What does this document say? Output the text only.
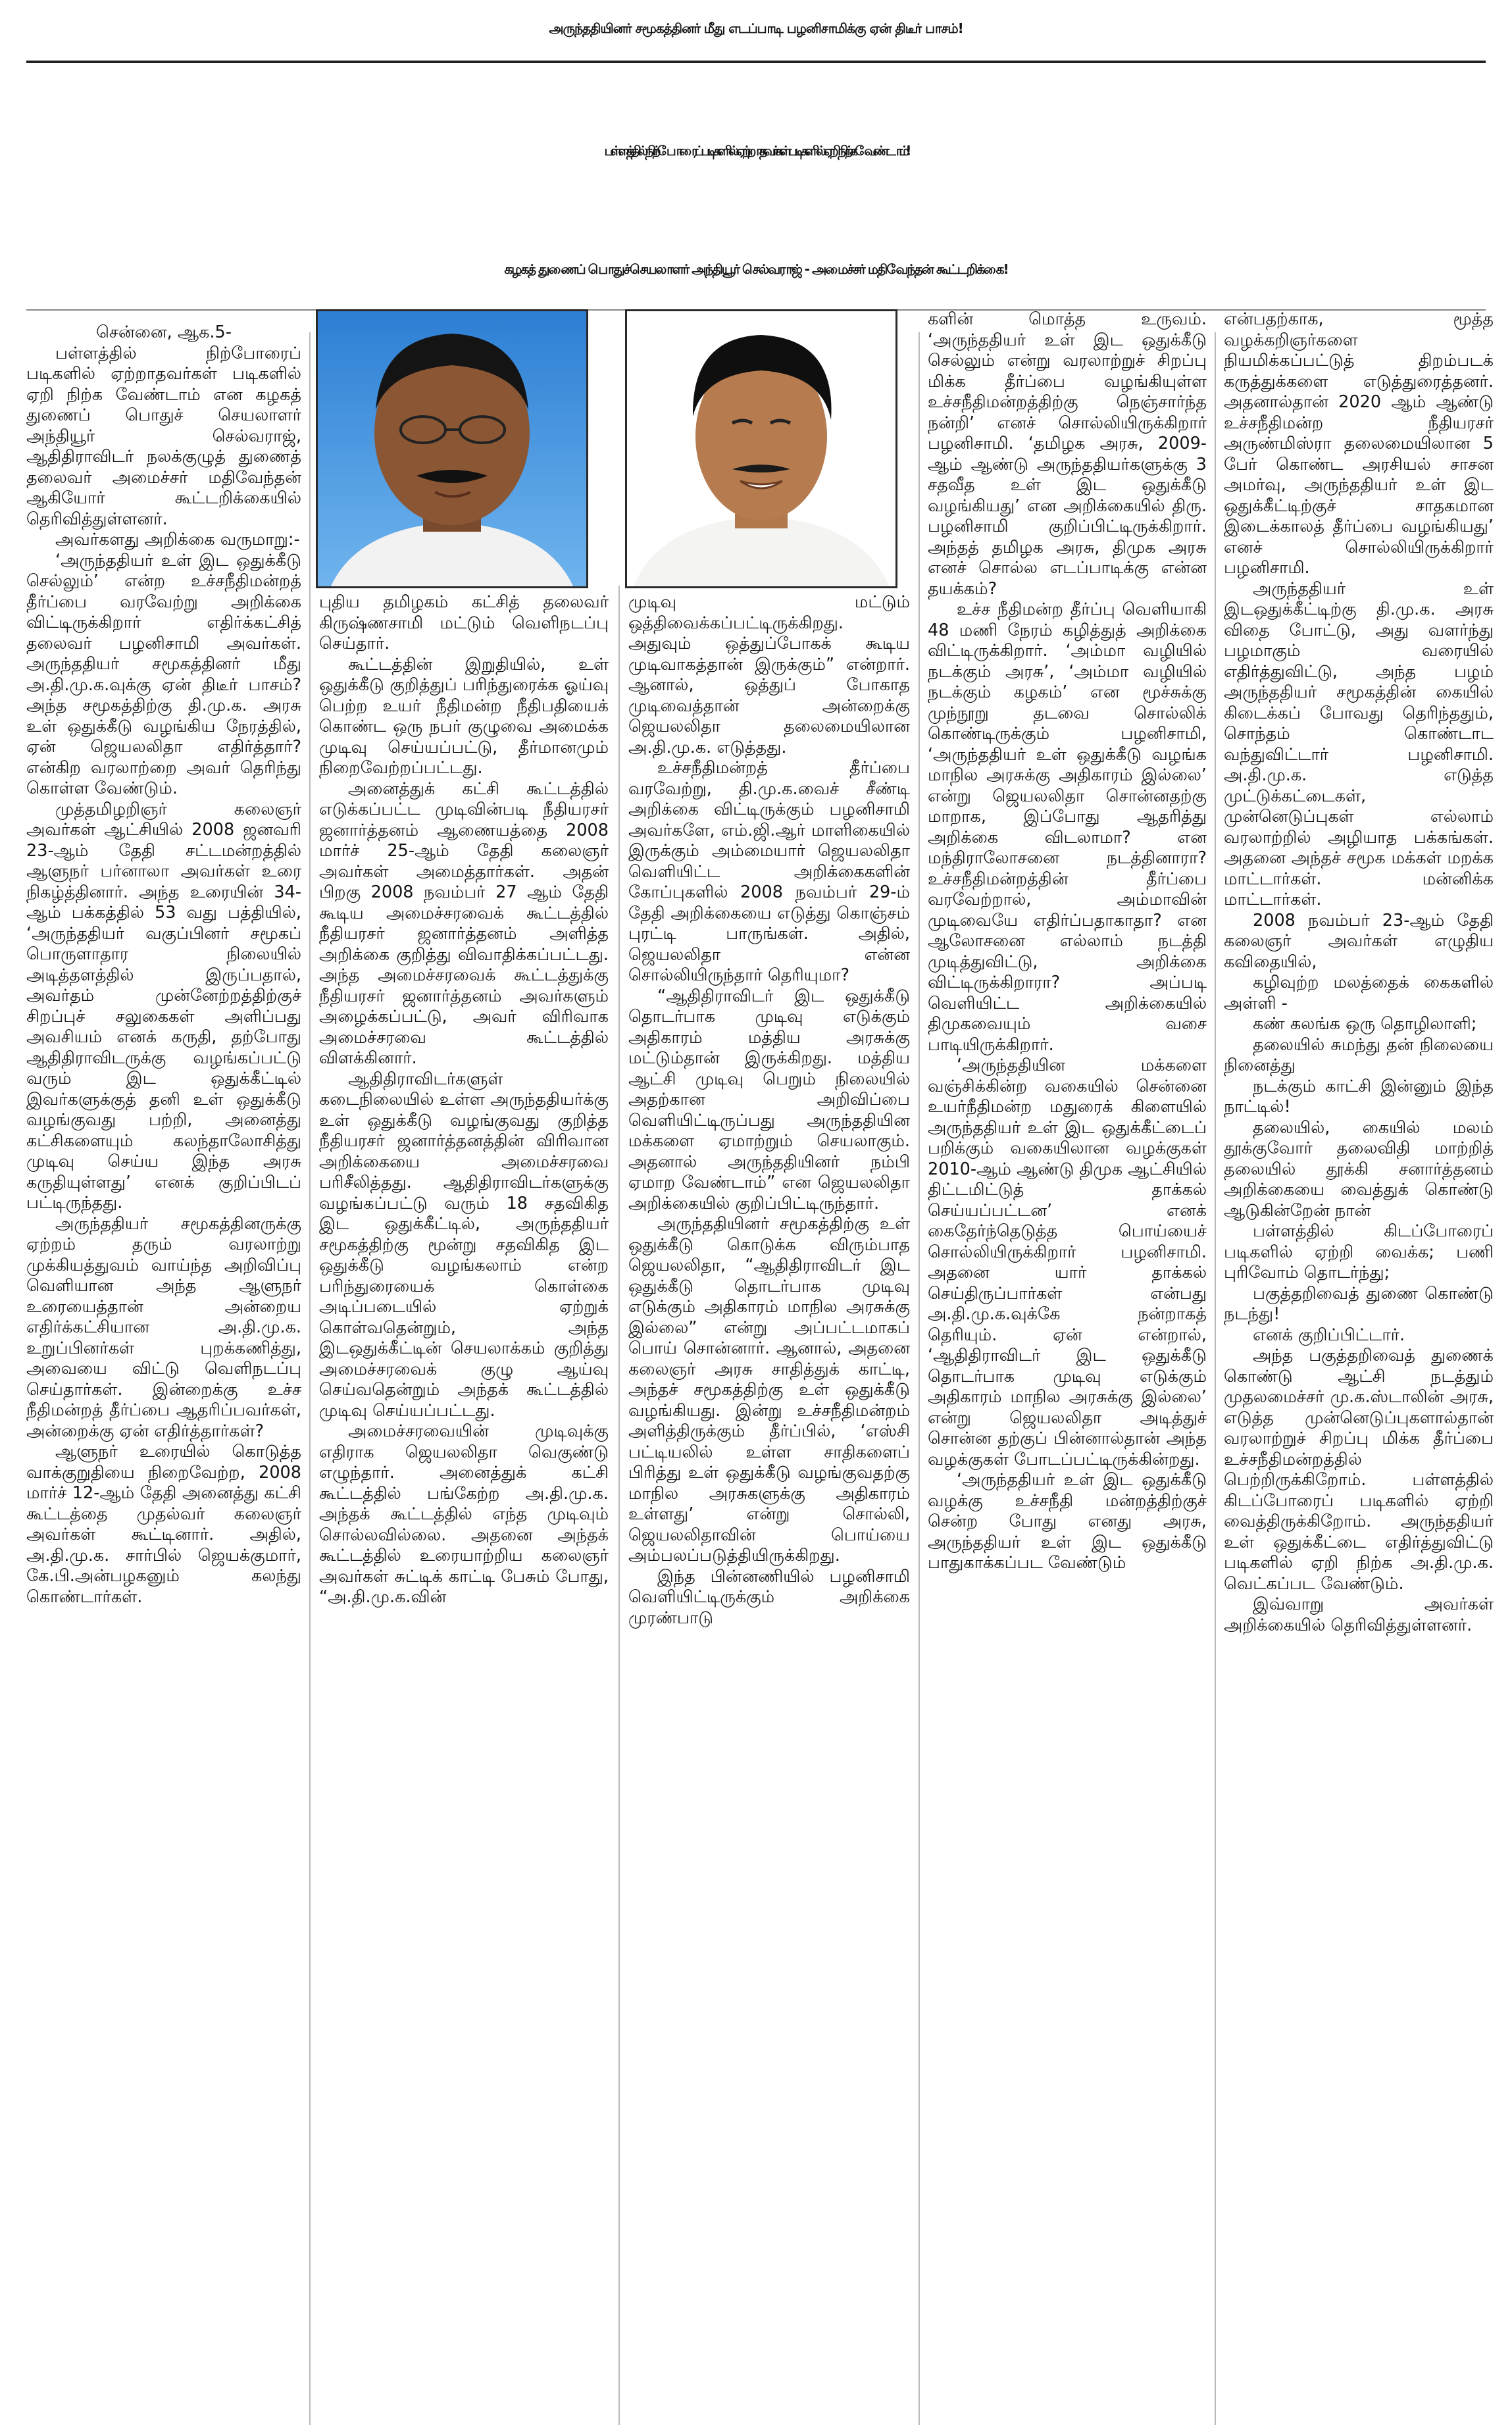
அருந்ததியினர் சமூகத்தினர் மீது எடப்பாடி பழனிசாமிக்கு ஏன் திடீர் பாசம்!
பள்ளத்தில் நிற்போரைப் படிகளில் ஏற்றாதவர்கள் படிகளில் ஏறி நிற்க வேண்டாம்!
கழகத் துணைப் பொதுச்செயலாளர் அந்தியூர் செல்வராஜ் - அமைச்சர் மதிவேந்தன் கூட்டறிக்கை!

சென்னை, ஆக.5-

பள்ளத்தில் நிற்போரைப் படிகளில் ஏற்றாதவர்கள் படிகளில் ஏறி நிற்க வேண்டாம் என கழகத் துணைப் பொதுச் செயலாளர் அந்தியூர் செல்வராஜ், ஆதிதிராவிடர் நலக்குழுத் துணைத் தலைவர் அமைச்சர் மதிவேந்தன் ஆகியோர் கூட்டறிக்கையில் தெரிவித்துள்ளனர்.

அவர்களது அறிக்கை வருமாறு:-

‘அருந்ததியர் உள் இட ஒதுக்கீடு செல்லும்’ என்ற உச்சநீதிமன்றத் தீர்ப்பை வரவேற்று அறிக்கை விட்டிருக்கிறார் எதிர்க்கட்சித் தலைவர் பழனிசாமி அவர்கள். அருந்ததியர் சமூகத்தினர் மீது அ.தி.மு.க.வுக்கு ஏன் திடீர் பாசம்? அந்த சமூகத்திற்கு தி.மு.க. அரசு உள் ஒதுக்கீடு வழங்கிய நேரத்தில், ஏன் ஜெயலலிதா எதிர்த்தார்? என்கிற வரலாற்றை அவர் தெரிந்து கொள்ள வேண்டும்.

முத்தமிழறிஞர் கலைஞர் அவர்கள் ஆட்சியில் 2008 ஜனவரி 23-ஆம் தேதி சட்டமன்றத்தில் ஆளுநர் பர்னாலா அவர்கள் உரை நிகழ்த்தினார். அந்த உரையின் 34-ஆம் பக்கத்தில் 53 வது பத்தியில், ‘அருந்ததியர் வகுப்பினர் சமூகப் பொருளாதார நிலையில் அடித்தளத்தில் இருப்பதால், அவர்தம் முன்னேற்றத்திற்குச் சிறப்புச் சலுகைகள் அளிப்பது அவசியம் எனக் கருதி, தற்போது ஆதிதிராவிடருக்கு வழங்கப்பட்டு வரும் இட ஒதுக்கீட்டில் இவர்களுக்குத் தனி உள் ஒதுக்கீடு வழங்குவது பற்றி, அனைத்து கட்சிகளையும் கலந்தாலோசித்து முடிவு செய்ய இந்த அரசு கருதியுள்ளது’ எனக் குறிப்பிடப் பட்டிருந்தது.

அருந்ததியர் சமூகத்தினருக்கு ஏற்றம் தரும் வரலாற்று முக்கியத்துவம் வாய்ந்த அறிவிப்பு வெளியான அந்த ஆளுநர் உரையைத்தான் அன்றைய எதிர்க்கட்சியான அ.தி.மு.க. உறுப்பினர்கள் புறக்கணித்து, அவையை விட்டு வெளிநடப்பு செய்தார்கள். இன்றைக்கு உச்ச நீதிமன்றத் தீர்ப்பை ஆதரிப்பவர்கள், அன்றைக்கு ஏன் எதிர்த்தார்கள்?

ஆளுநர் உரையில் கொடுத்த வாக்குறுதியை நிறைவேற்ற, 2008 மார்ச் 12-ஆம் தேதி அனைத்து கட்சி கூட்டத்தை முதல்வர் கலைஞர் அவர்கள் கூட்டினார். அதில், அ.தி.மு.க. சார்பில் ஜெயக்குமார், கே.பி.அன்பழகனும் கலந்து கொண்டார்கள்.

புதிய தமிழகம் கட்சித் தலைவர் கிருஷ்ணசாமி மட்டும் வெளிநடப்பு செய்தார்.

கூட்டத்தின் இறுதியில், உள் ஒதுக்கீடு குறித்துப் பரிந்துரைக்க ஓய்வு பெற்ற உயர் நீதிமன்ற நீதிபதியைக் கொண்ட ஒரு நபர் குழுவை அமைக்க முடிவு செய்யப்பட்டு, தீர்மானமும் நிறைவேற்றப்பட்டது.

அனைத்துக் கட்சி கூட்டத்தில் எடுக்கப்பட்ட முடிவின்படி நீதியரசர் ஜனார்த்தனம் ஆணையத்தை 2008 மார்ச் 25-ஆம் தேதி கலைஞர் அவர்கள் அமைத்தார்கள். அதன் பிறகு 2008 நவம்பர் 27 ஆம் தேதி கூடிய அமைச்சரவைக் கூட்டத்தில் நீதியரசர் ஜனார்த்தனம் அளித்த அறிக்கை குறித்து விவாதிக்கப்பட்டது. அந்த அமைச்சரவைக் கூட்டத்துக்கு நீதியரசர் ஜனார்த்தனம் அவர்களும் அழைக்கப்பட்டு, அவர் விரிவாக அமைச்சரவை கூட்டத்தில் விளக்கினார்.

ஆதிதிராவிடர்களுள் கடைநிலையில் உள்ள அருந்ததியர்க்கு உள் ஒதுக்கீடு வழங்குவது குறித்த நீதியரசர் ஜனார்த்தனத்தின் விரிவான அறிக்கையை அமைச்சரவை பரிசீலித்தது. ஆதிதிராவிடர்களுக்கு வழங்கப்பட்டு வரும் 18 சதவிகித இட ஒதுக்கீட்டில், அருந்ததியர் சமூகத்திற்கு மூன்று சதவிகித இட ஒதுக்கீடு வழங்கலாம் என்ற பரிந்துரையைக் கொள்கை அடிப்படையில் ஏற்றுக் கொள்வதென்றும், அந்த இடஒதுக்கீட்டின் செயலாக்கம் குறித்து அமைச்சரவைக் குழு ஆய்வு செய்வதென்றும் அந்தக் கூட்டத்தில் முடிவு செய்யப்பட்டது.

அமைச்சரவையின் முடிவுக்கு எதிராக ஜெயலலிதா வெகுண்டு எழுந்தார். அனைத்துக் கட்சி கூட்டத்தில் பங்கேற்ற அ.தி.மு.க. அந்தக் கூட்டத்தில் எந்த முடிவும் சொல்லவில்லை. அதனை அந்தக் கூட்டத்தில் உரையாற்றிய கலைஞர் அவர்கள் சுட்டிக் காட்டி பேசும் போது, “அ.தி.மு.க.வின்

முடிவு மட்டும் ஒத்திவைக்கப்பட்டிருக்கிறது. அதுவும் ஒத்துப்போகக் கூடிய முடிவாகத்தான் இருக்கும்” என்றார். ஆனால், ஒத்துப் போகாத முடிவைத்தான் அன்றைக்கு ஜெயலலிதா தலைமையிலான அ.தி.மு.க. எடுத்தது.

உச்சநீதிமன்றத் தீர்ப்பை வரவேற்று, தி.மு.க.வைச் சீண்டி அறிக்கை விட்டிருக்கும் பழனிசாமி அவர்களே, எம்.ஜி.ஆர் மாளிகையில் இருக்கும் அம்மையார் ஜெயலலிதா வெளியிட்ட அறிக்கைகளின் கோப்புகளில் 2008 நவம்பர் 29-ம் தேதி அறிக்கையை எடுத்து கொஞ்சம் புரட்டி பாருங்கள். அதில், ஜெயலலிதா என்ன சொல்லியிருந்தார் தெரியுமா?

“ஆதிதிராவிடர் இட ஒதுக்கீடு தொடர்பாக முடிவு எடுக்கும் அதிகாரம் மத்திய அரசுக்கு மட்டும்தான் இருக்கிறது. மத்திய ஆட்சி முடிவு பெறும் நிலையில் அதற்கான அறிவிப்பை வெளியிட்டிருப்பது அருந்ததியின மக்களை ஏமாற்றும் செயலாகும். அதனால் அருந்ததியினர் நம்பி ஏமாற வேண்டாம்” என ஜெயலலிதா அறிக்கையில் குறிப்பிட்டிருந்தார்.

அருந்ததியினர் சமூகத்திற்கு உள் ஒதுக்கீடு கொடுக்க விரும்பாத ஜெயலலிதா, “ஆதிதிராவிடர் இட ஒதுக்கீடு தொடர்பாக முடிவு எடுக்கும் அதிகாரம் மாநில அரசுக்கு இல்லை” என்று அப்பட்டமாகப் பொய் சொன்னார். ஆனால், அதனை கலைஞர் அரசு சாதித்துக் காட்டி, அந்தச் சமூகத்திற்கு உள் ஒதுக்கீடு வழங்கியது. இன்று உச்சநீதிமன்றம் அளித்திருக்கும் தீர்ப்பில், ‘எஸ்சி பட்டியலில் உள்ள சாதிகளைப் பிரித்து உள் ஒதுக்கீடு வழங்குவதற்கு மாநில அரசுகளுக்கு அதிகாரம் உள்ளது’ என்று சொல்லி, ஜெயலலிதாவின் பொய்யை அம்பலப்படுத்தியிருக்கிறது.

இந்த பின்னணியில் பழனிசாமி வெளியிட்டிருக்கும் அறிக்கை முரண்பாடு

களின் மொத்த உருவம். ‘அருந்ததியர் உள் இட ஒதுக்கீடு செல்லும் என்று வரலாற்றுச் சிறப்பு மிக்க தீர்ப்பை வழங்கியுள்ள உச்சநீதிமன்றத்திற்கு நெஞ்சார்ந்த நன்றி’ எனச் சொல்லியிருக்கிறார் பழனிசாமி. ‘தமிழக அரசு, 2009-ஆம் ஆண்டு அருந்ததியர்களுக்கு 3 சதவீத உள் இட ஒதுக்கீடு வழங்கியது’ என அறிக்கையில் திரு. பழனிசாமி குறிப்பிட்டிருக்கிறார். அந்தத் தமிழக அரசு, திமுக அரசு எனச் சொல்ல எடப்பாடிக்கு என்ன தயக்கம்?

உச்ச நீதிமன்ற தீர்ப்பு வெளியாகி 48 மணி நேரம் கழித்துத் அறிக்கை விட்டிருக்கிறார். ‘அம்மா வழியில் நடக்கும் அரசு’, ‘அம்மா வழியில் நடக்கும் கழகம்’ என மூச்சுக்கு முந்நூறு தடவை சொல்லிக் கொண்டிருக்கும் பழனிசாமி, ‘அருந்ததியர் உள் ஒதுக்கீடு வழங்க மாநில அரசுக்கு அதிகாரம் இல்லை’ என்று ஜெயலலிதா சொன்னதற்கு மாறாக, இப்போது ஆதரித்து அறிக்கை விடலாமா? என மந்திராலோசனை நடத்தினாரா? உச்சநீதிமன்றத்தின் தீர்ப்பை வரவேற்றால், அம்மாவின் முடிவையே எதிர்ப்பதாகாதா? என ஆலோசனை எல்லாம் நடத்தி முடித்துவிட்டு, அறிக்கை விட்டிருக்கிறாரா? அப்படி வெளியிட்ட அறிக்கையில் திமுகவையும் வசை பாடியிருக்கிறார்.

‘அருந்ததியின மக்களை வஞ்சிக்கின்ற வகையில் சென்னை உயர்நீதிமன்ற மதுரைக் கிளையில் அருந்ததியர் உள் இட ஒதுக்கீட்டைப் பறிக்கும் வகையிலான வழக்குகள் 2010-ஆம் ஆண்டு திமுக ஆட்சியில் திட்டமிட்டுத் தாக்கல் செய்யப்பட்டன’ எனக் கைதேர்ந்தெடுத்த பொய்யைச் சொல்லியிருக்கிறார் பழனிசாமி. அதனை யார் தாக்கல் செய்திருப்பார்கள் என்பது அ.தி.மு.க.வுக்கே நன்றாகத் தெரியும். ஏன் என்றால், ‘ஆதிதிராவிடர் இட ஒதுக்கீடு தொடர்பாக முடிவு எடுக்கும் அதிகாரம் மாநில அரசுக்கு இல்லை’ என்று ஜெயலலிதா அடித்துச் சொன்ன தற்குப் பின்னால்தான் அந்த வழக்குகள் போடப்பட்டிருக்கின்றது.

‘அருந்ததியர் உள் இட ஒதுக்கீடு வழக்கு உச்சநீதி மன்றத்திற்குச் சென்ற போது எனது அரசு, அருந்ததியர் உள் இட ஒதுக்கீடு பாதுகாக்கப்பட வேண்டும்

என்பதற்காக, மூத்த வழக்கறிஞர்களை நியமிக்கப்பட்டுத் திறம்படக் கருத்துக்களை எடுத்துரைத்தனர். அதனால்தான் 2020 ஆம் ஆண்டு உச்சநீதிமன்ற நீதியரசர் அருண்மிஸ்ரா தலைமையிலான 5 பேர் கொண்ட அரசியல் சாசன அமர்வு, அருந்ததியர் உள் இட ஒதுக்கீட்டிற்குச் சாதகமான இடைக்காலத் தீர்ப்பை வழங்கியது’ எனச் சொல்லியிருக்கிறார் பழனிசாமி.

அருந்ததியர் உள் இடஒதுக்கீட்டிற்கு தி.மு.க. அரசு விதை போட்டு, அது வளர்ந்து பழமாகும் வரையில் எதிர்த்துவிட்டு, அந்த பழம் அருந்ததியர் சமூகத்தின் கையில் கிடைக்கப் போவது தெரிந்ததும், சொந்தம் கொண்டாட வந்துவிட்டார் பழனிசாமி. அ.தி.மு.க. எடுத்த முட்டுக்கட்டைகள், முன்னெடுப்புகள் எல்லாம் வரலாற்றில் அழியாத பக்கங்கள். அதனை அந்தச் சமூக மக்கள் மறக்க மாட்டார்கள். மன்னிக்க மாட்டார்கள்.

2008 நவம்பர் 23-ஆம் தேதி கலைஞர் அவர்கள் எழுதிய கவிதையில்,

கழிவுற்ற மலத்தைக் கைகளில் அள்ளி -

கண் கலங்க ஒரு தொழிலாளி;

தலையில் சுமந்து தன் நிலையை நினைத்து

நடக்கும் காட்சி இன்னும் இந்த நாட்டில்!

தலையில், கையில் மலம் தூக்குவோர் தலைவிதி மாற்றித் தலையில் தூக்கி சனார்த்தனம் அறிக்கையை வைத்துக் கொண்டு ஆடுகின்றேன் நான்

பள்ளத்தில் கிடப்போரைப் படிகளில் ஏற்றி வைக்க; பணி புரிவோம் தொடர்ந்து;

பகுத்தறிவைத் துணை கொண்டு நடந்து!

எனக் குறிப்பிட்டார்.

அந்த பகுத்தறிவைத் துணைக் கொண்டு ஆட்சி நடத்தும் முதலமைச்சர் மு.க.ஸ்டாலின் அரசு, எடுத்த முன்னெடுப்புகளால்தான் வரலாற்றுச் சிறப்பு மிக்க தீர்ப்பை உச்சநீதிமன்றத்தில் பெற்றிருக்கிறோம். பள்ளத்தில் கிடப்போரைப் படிகளில் ஏற்றி வைத்திருக்கிறோம். அருந்ததியர் உள் ஒதுக்கீட்டை எதிர்த்துவிட்டு படிகளில் ஏறி நிற்க அ.தி.மு.க. வெட்கப்பட வேண்டும்.

இவ்வாறு அவர்கள் அறிக்கையில் தெரிவித்துள்ளனர்.
